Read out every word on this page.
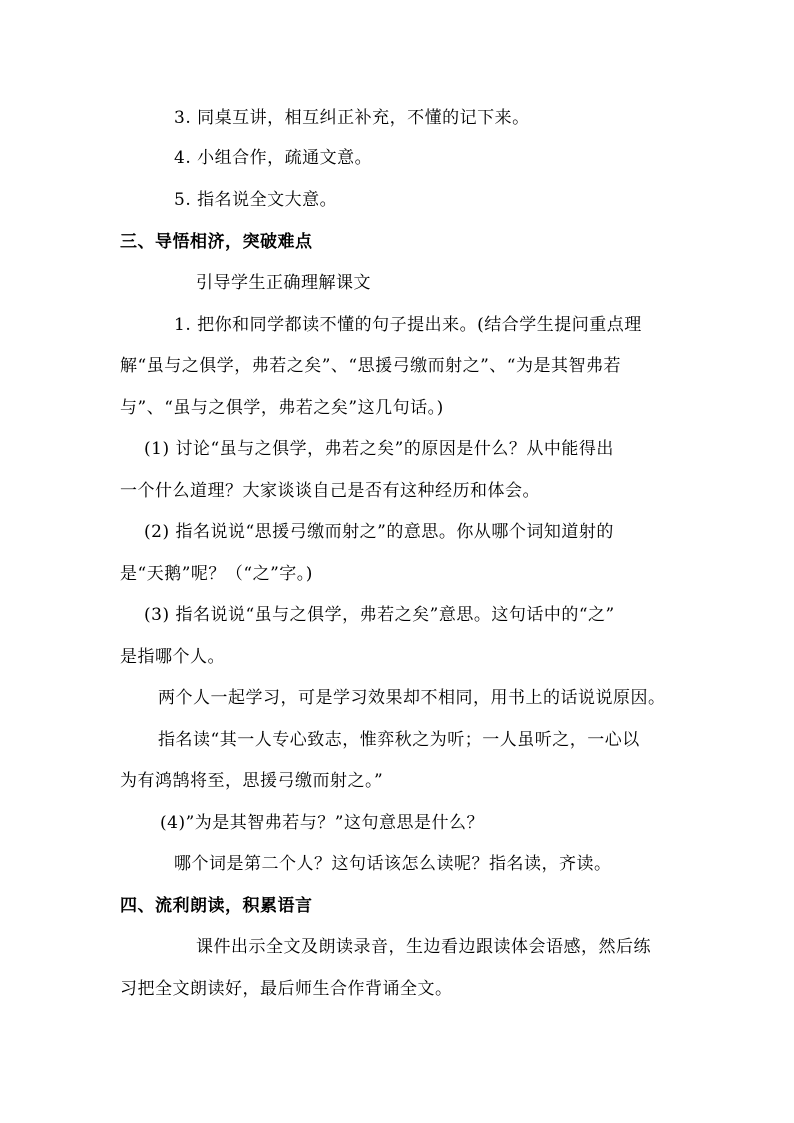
3. 同桌互讲，相互纠正补充，不懂的记下来。
4. 小组合作，疏通文意。
5. 指名说全文大意。
三、导悟相济，突破难点
引导学生正确理解课文
1. 把你和同学都读不懂的句子提出来。(结合学生提问重点理
解“虽与之俱学，弗若之矣”、“思援弓缴而射之”、“为是其智弗若
与”、“虽与之俱学，弗若之矣”这几句话。)
(1) 讨论“虽与之俱学，弗若之矣”的原因是什么？从中能得出
一个什么道理？大家谈谈自己是否有这种经历和体会。
(2) 指名说说“思援弓缴而射之”的意思。你从哪个词知道射的
是“天鹅”呢？（“之”字。)
(3) 指名说说“虽与之俱学，弗若之矣”意思。这句话中的“之”
是指哪个人。
两个人一起学习，可是学习效果却不相同，用书上的话说说原因。
指名读“其一人专心致志，惟弈秋之为听；一人虽听之，一心以
为有鸿鹄将至，思援弓缴而射之。”
(4)”为是其智弗若与？”这句意思是什么？
哪个词是第二个人？这句话该怎么读呢？指名读，齐读。
四、流利朗读，积累语言
课件出示全文及朗读录音，生边看边跟读体会语感，然后练
习把全文朗读好，最后师生合作背诵全文。
